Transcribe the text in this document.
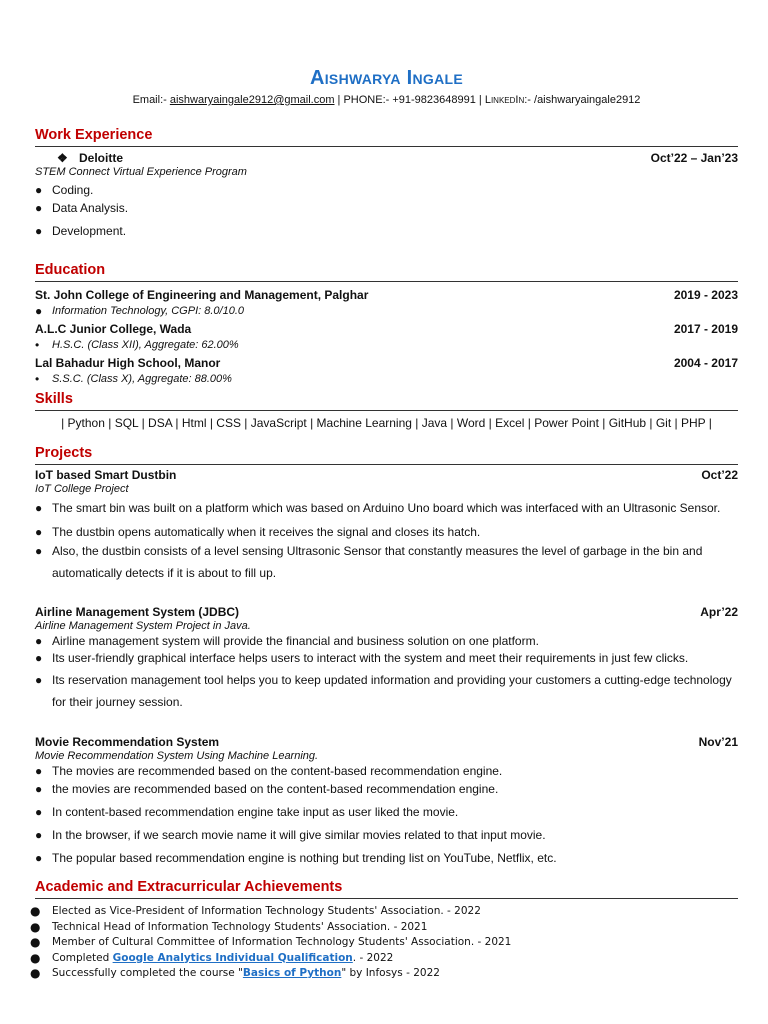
Aishwarya Ingale
Email:- aishwaryaingale2912@gmail.com | PHONE:- +91-9823648991 | LinkedIn:- /aishwaryaingale2912
Work Experience
❖ Deloitte	Oct’22 – Jan’23
STEM Connect Virtual Experience Program
● Coding.
● Data Analysis.
● Development.
Education
St. John College of Engineering and Management, Palghar	2019 - 2023
● Information Technology, CGPI: 8.0/10.0
A.L.C Junior College, Wada	2017 - 2019
•	H.S.C. (Class XII), Aggregate: 62.00%
Lal Bahadur High School, Manor	2004 - 2017
•	S.S.C. (Class X), Aggregate: 88.00%
Skills
| Python | SQL | DSA | Html | CSS | JavaScript | Machine Learning | Java | Word | Excel | Power Point | GitHub | Git | PHP |
Projects
IoT based Smart Dustbin	Oct’22
IoT College Project
● The smart bin was built on a platform which was based on Arduino Uno board which was interfaced with an Ultrasonic Sensor.
● The dustbin opens automatically when it receives the signal and closes its hatch.
● Also, the dustbin consists of a level sensing Ultrasonic Sensor that constantly measures the level of garbage in the bin and automatically detects if it is about to fill up.
Airline Management System (JDBC)	Apr’22
Airline Management System Project in Java.
● Airline management system will provide the financial and business solution on one platform.
● Its user-friendly graphical interface helps users to interact with the system and meet their requirements in just few clicks.
● Its reservation management tool helps you to keep updated information and providing your customers a cutting-edge technology for their journey session.
Movie Recommendation System	Nov’21
Movie Recommendation System Using Machine Learning.
● The movies are recommended based on the content-based recommendation engine.
● the movies are recommended based on the content-based recommendation engine.
● In content-based recommendation engine take input as user liked the movie.
● In the browser, if we search movie name it will give similar movies related to that input movie.
● The popular based recommendation engine is nothing but trending list on YouTube, Netflix, etc.
Academic and Extracurricular Achievements
●	Elected as Vice-President of Information Technology Students' Association. - 2022
●	Technical Head of Information Technology Students' Association. - 2021
●	Member of Cultural Committee of Information Technology Students' Association. - 2021
●	Completed Google Analytics Individual Qualification. - 2022
●	Successfully completed the course "Basics of Python" by Infosys - 2022
